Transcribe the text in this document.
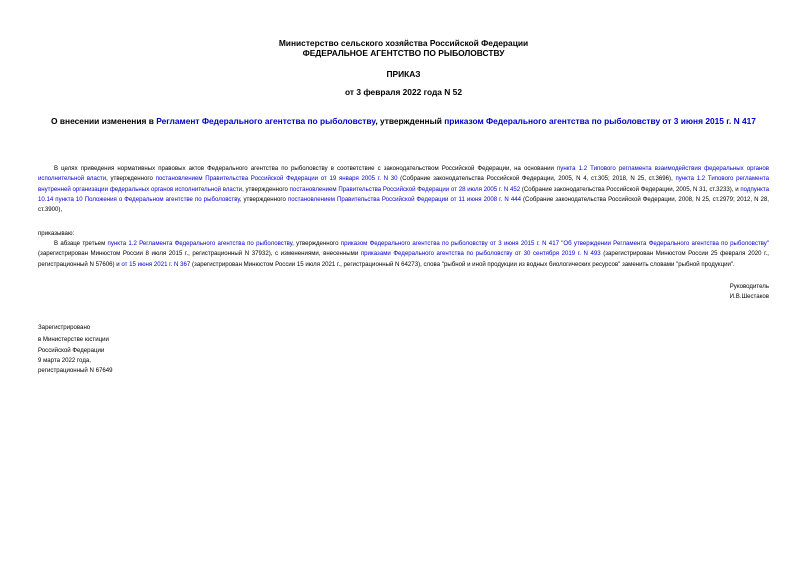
Министерство сельского хозяйства Российской Федерации

ФЕДЕРАЛЬНОЕ АГЕНТСТВО ПО РЫБОЛОВСТВУ

ПРИКАЗ

от 3 февраля 2022 года N 52

О внесении изменения в Регламент Федерального агентства по рыболовству, утвержденный приказом Федерального агентства по рыболовству от 3 июня 2015 г. N 417

В целях приведения нормативных правовых актов Федерального агентства по рыболовству в соответствие с законодательством Российской Федерации, на основании пункта 1.2 Типового регламента взаимодействия федеральных органов исполнительной власти, утвержденного постановлением Правительства Российской Федерации от 19 января 2005 г. N 30 (Собрание законодательства Российской Федерации, 2005, N 4, ст.305; 2018, N 25, ст.3696), пункта 1.2 Типового регламента внутренней организации федеральных органов исполнительной власти, утвержденного постановлением Правительства Российской Федерации от 28 июля 2005 г. N 452 (Собрание законодательства Российской Федерации, 2005, N 31, ст.3233), и подпункта 10.14 пункта 10 Положения о Федеральном агентстве по рыболовству, утвержденного постановлением Правительства Российской Федерации от 11 июня 2008 г. N 444 (Собрание законодательства Российской Федерации, 2008, N 25, ст.2979; 2012, N 28, ст.3900),

приказываю:

В абзаце третьем пункта 1.2 Регламента Федерального агентства по рыболовству, утвержденного приказом Федерального агентства по рыболовству от 3 июня 2015 г. N 417 "Об утверждении Регламента Федерального агентства по рыболовству" (зарегистрирован Минюстом России 8 июля 2015 г., регистрационный N 37932), с изменениями, внесенными приказами Федерального агентства по рыболовству от 30 сентября 2019 г. N 493 (зарегистрирован Минюстом России 25 февраля 2020 г., регистрационный N 57606) и от 15 июня 2021 г. N 367 (зарегистрирован Минюстом России 15 июля 2021 г., регистрационный N 64273), слова "рыбной и иной продукции из водных биологических ресурсов" заменить словами "рыбной продукции".

Руководитель
И.В.Шестаков
Зарегистрировано
в Министерстве юстиции
Российской Федерации
9 марта 2022 года,
регистрационный N 67649
